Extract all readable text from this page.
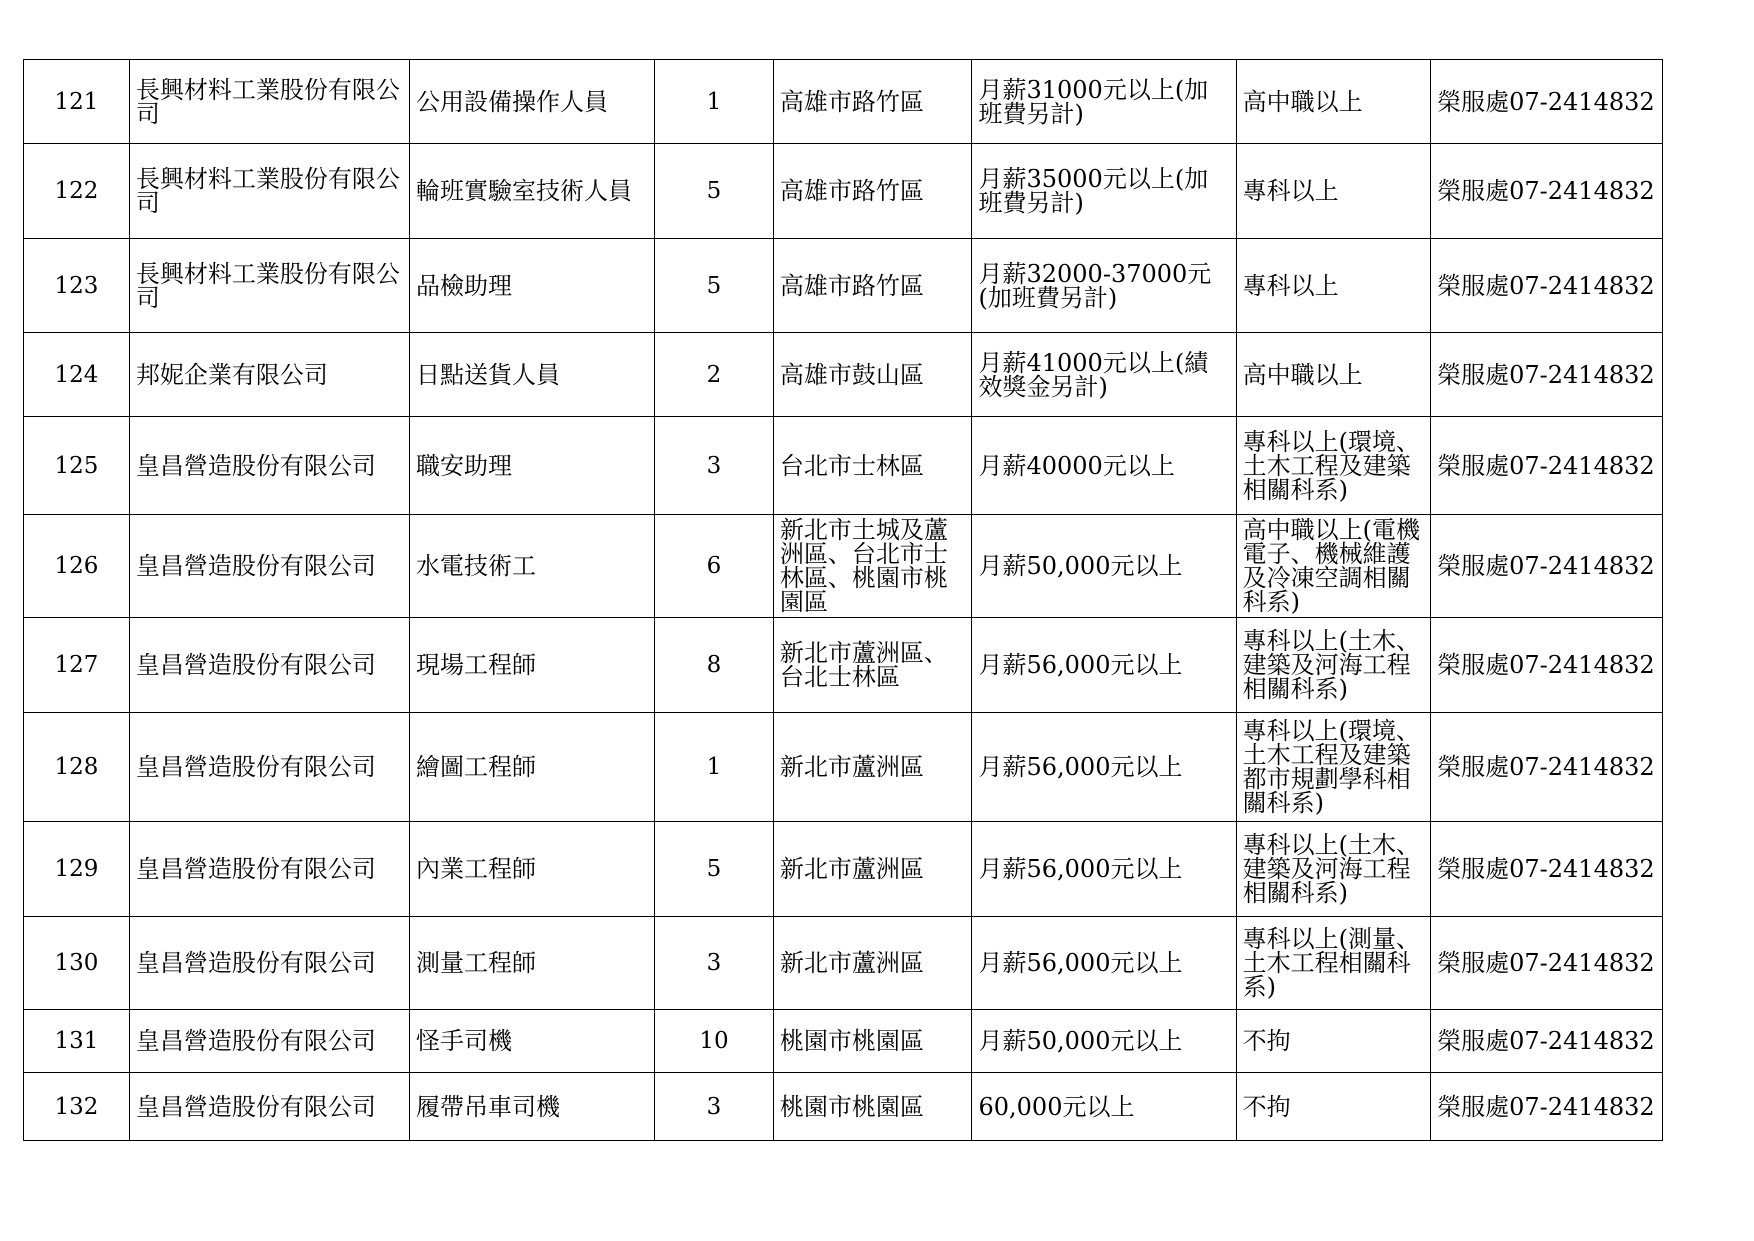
121	長興材料工業股份有限公司	公用設備操作人員	1	高雄市路竹區	月薪31000元以上(加班費另計)	高中職以上	榮服處07-2414832
122	長興材料工業股份有限公司	輪班實驗室技術人員	5	高雄市路竹區	月薪35000元以上(加班費另計)	專科以上	榮服處07-2414832
123	長興材料工業股份有限公司	品檢助理	5	高雄市路竹區	月薪32000-37000元(加班費另計)	專科以上	榮服處07-2414832
124	邦妮企業有限公司	日點送貨人員	2	高雄市鼓山區	月薪41000元以上(績效獎金另計)	高中職以上	榮服處07-2414832
125	皇昌營造股份有限公司	職安助理	3	台北市士林區	月薪40000元以上	專科以上(環境、土木工程及建築相關科系)	榮服處07-2414832
126	皇昌營造股份有限公司	水電技術工	6	新北市土城及蘆洲區、台北市士林區、桃園市桃園區	月薪50,000元以上	高中職以上(電機電子、機械維護及冷凍空調相關科系)	榮服處07-2414832
127	皇昌營造股份有限公司	現場工程師	8	新北市蘆洲區、台北士林區	月薪56,000元以上	專科以上(土木、建築及河海工程相關科系)	榮服處07-2414832
128	皇昌營造股份有限公司	繪圖工程師	1	新北市蘆洲區	月薪56,000元以上	專科以上(環境、土木工程及建築都市規劃學科相關科系)	榮服處07-2414832
129	皇昌營造股份有限公司	內業工程師	5	新北市蘆洲區	月薪56,000元以上	專科以上(土木、建築及河海工程相關科系)	榮服處07-2414832
130	皇昌營造股份有限公司	測量工程師	3	新北市蘆洲區	月薪56,000元以上	專科以上(測量、土木工程相關科系)	榮服處07-2414832
131	皇昌營造股份有限公司	怪手司機	10	桃園市桃園區	月薪50,000元以上	不拘	榮服處07-2414832
132	皇昌營造股份有限公司	履帶吊車司機	3	桃園市桃園區	60,000元以上	不拘	榮服處07-2414832
